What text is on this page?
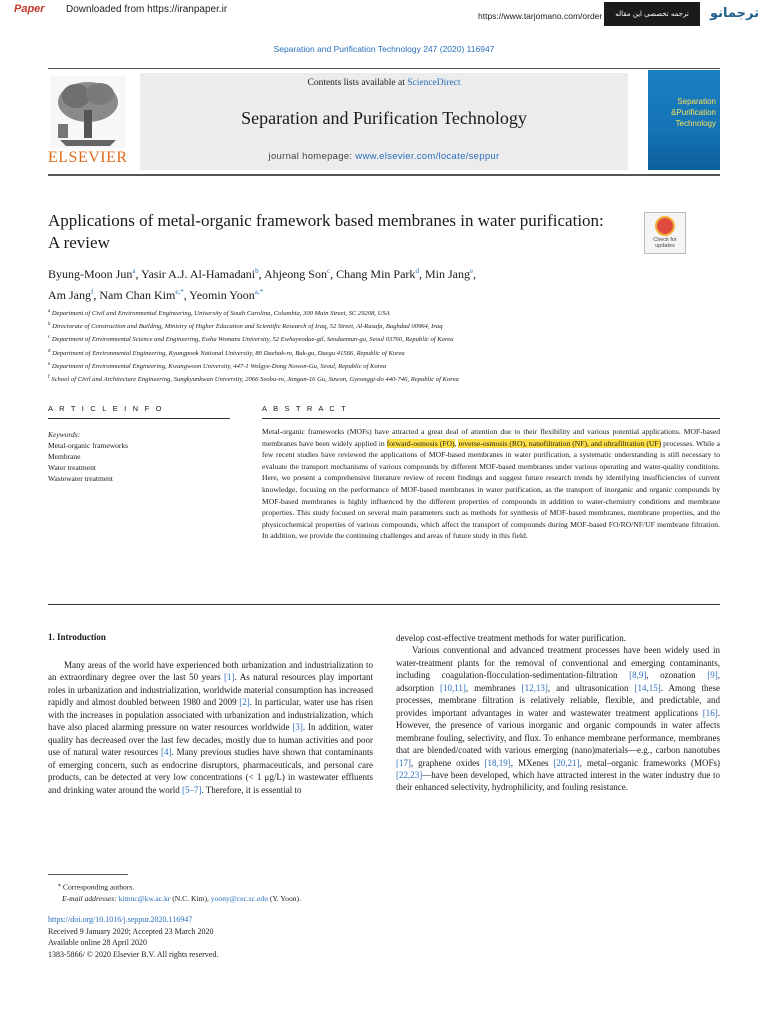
Paper Downloaded from https://iranpaper.ir
https://www.tarjomano.com/order	ترجمه تخصصی این مقاله	ترجمانو
Separation and Purification Technology 247 (2020) 116947
Contents lists available at ScienceDirect
Separation and Purification Technology
journal homepage: www.elsevier.com/locate/seppur
ELSEVIER
Separation
&Purification
Technology
Applications of metal-organic framework based membranes in water purification: A review	Check for updates
Byung-Moon Jun$^a$, Yasir A.J. Al-Hamadani$^b$, Ahjeong Son$^c$, Chang Min Park$^d$, Min Jang$^e$,
Am Jang$^f$, Nam Chan Kim$^{e,*}$, Yeomin Yoon$^{a,*}$
$^a$ Department of Civil and Environmental Engineering, University of South Carolina, Columbia, 300 Main Street, SC 29208, USA
$^b$ Directorate of Construction and Building, Ministry of Higher Education and Scientific Research of Iraq, 52 Street, Al-Rusafa, Baghdad 00964, Iraq
$^c$ Department of Environmental Science and Engineering, Ewha Womans University, 52 Ewhayeodae-gil, Seodaemun-gu, Seoul 03760, Republic of Korea
$^d$ Department of Environmental Engineering, Kyungpook National University, 80 Daehak-ro, Buk-gu, Daegu 41566, Republic of Korea
$^e$ Department of Environmental Engineering, Kwangwoon University, 447-1 Wolgye-Dong Nowon-Gu, Seoul, Republic of Korea
$^f$ School of Civil and Architecture Engineering, Sungkyunkwan University, 2066 Seobu-ro, Jangan-16 Gu, Suwon, Gyeonggi-do 440-746, Republic of Korea
A R T I C L E I N F O
Keywords:
Metal-organic frameworks
Membrane
Water treatment
Wastewater treatment
A B S T R A C T
Metal-organic frameworks (MOFs) have attracted a great deal of attention due to their flexibility and various potential applications. MOF-based membranes have been widely applied in forward-osmosis (FO), reverse-osmosis (RO), nanofiltration (NF), and ultrafiltration (UF) processes. While a few recent studies have reviewed the applications of MOF-based membranes in water purification, a systematic understanding is still necessary to evaluate the transport mechanisms of various compounds by different MOF-based membranes under various operating and water-quality conditions. Here, we present a comprehensive literature review of recent findings and suggest future research trends by identifying insufficiencies of current knowledge, focusing on the performance of MOF-based membranes in water purification, as the transport of inorganic and organic compounds by MOF-based membranes is highly influenced by the different properties of compounds in addition to water-chemistry conditions and membrane properties. This study focused on several main parameters such as methods for synthesis of MOF-based membranes, membrane properties, and the physicochemical properties of various compounds, which affect the transport of compounds during MOF-based FO/RO/NF/UF membrane filtration. In addition, we provide the continuing challenges and areas of future study in this field.
1. Introduction

Many areas of the world have experienced both urbanization and industrialization to an extraordinary degree over the last 50 years [1]. As natural resources play important roles in urbanization and industrialization, worldwide material consumption has increased rapidly and almost doubled between 1980 and 2009 [2]. In particular, water use has risen with the increases in population associated with urbanization and industrialization, which have also placed alarming pressure on water resources worldwide [3]. In addition, water quality has decreased over the last few decades, mostly due to human activities and poor use of natural water resources [4]. Many previous studies have shown that contaminants of emerging concern, such as endocrine disruptors, pharmaceuticals, and personal care products, can be detected at very low concentrations (< 1 μg/L) in wastewater effluents and drinking water around the world [5–7]. Therefore, it is essential to

develop cost-effective treatment methods for water purification.

Various conventional and advanced treatment processes have been widely used in water-treatment plants for the removal of conventional and emerging contaminants, including coagulation-flocculation-sedimentation-filtration [8,9], ozonation [9], adsorption [10,11], membranes [12,13], and ultrasonication [14,15]. Among these processes, membrane filtration is relatively reliable, flexible, and predictable, and provides important advantages in water and wastewater treatment applications [16]. However, the presence of various inorganic and organic compounds in water affects membrane fouling, selectivity, and flux. To enhance membrane performance, membranes that are blended/coated with various emerging (nano)materials—e.g., carbon nanotubes [17], graphene oxides [18,19], MXenes [20,21], metal–organic frameworks (MOFs) [22,23]—have been developed, which have attracted interest in the water industry due to their enhanced selectivity, hydrophilicity, and fouling resistance.

⁎ Corresponding authors.
E-mail addresses: kimnc@kw.ac.kr (N.C. Kim), yoony@cec.sc.edu (Y. Yoon).
https://doi.org/10.1016/j.seppur.2020.116947
Received 9 January 2020; Accepted 23 March 2020
Available online 28 April 2020
1383-5866/ © 2020 Elsevier B.V. All rights reserved.
